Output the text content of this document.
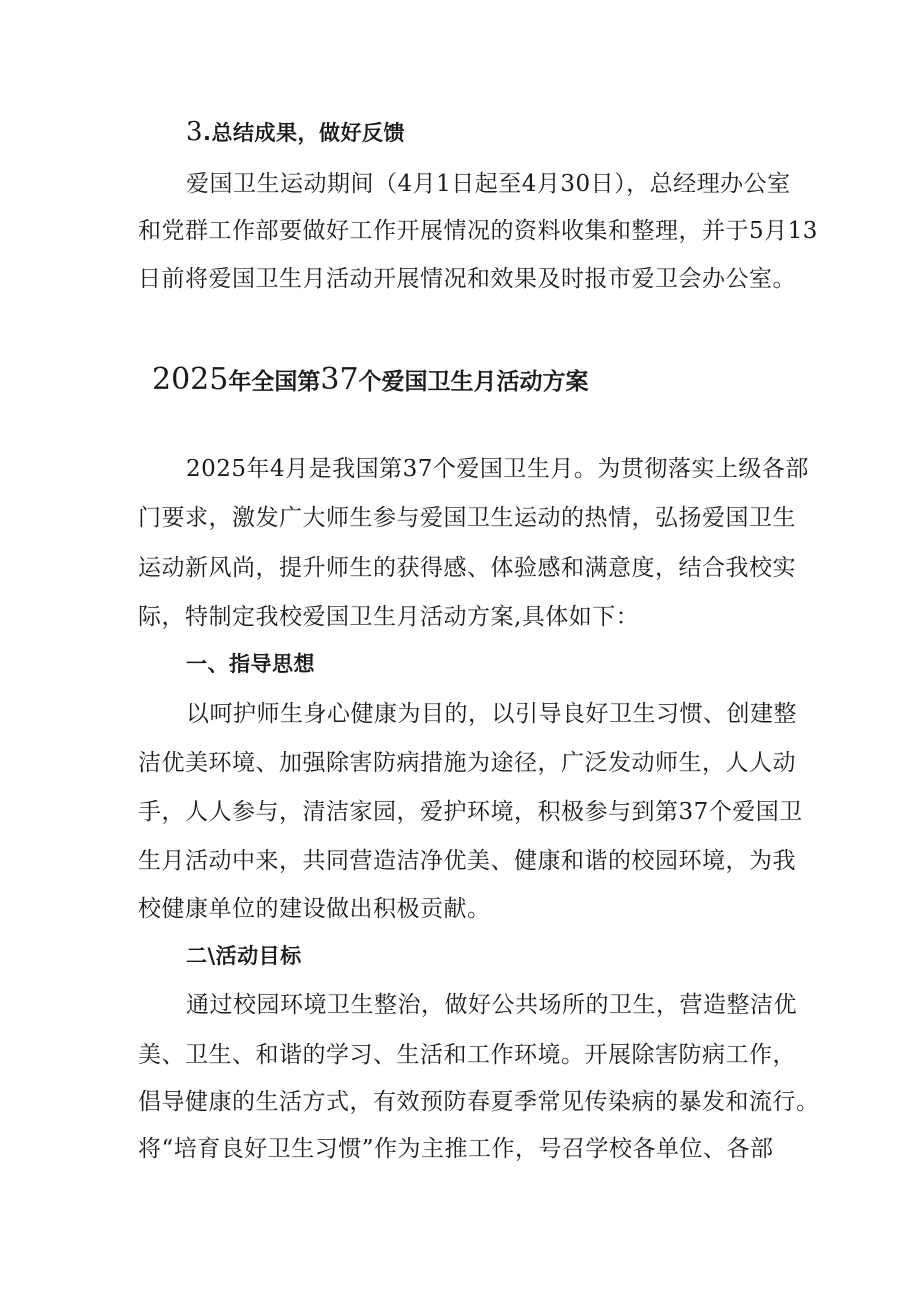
3.总结成果，做好反馈
爱国卫生运动期间（4月1日起至4月30日），总经理办公室
和党群工作部要做好工作开展情况的资料收集和整理，并于5月13
日前将爱国卫生月活动开展情况和效果及时报市爱卫会办公室。
2025年全国第37个爱国卫生月活动方案
2025年4月是我国第37个爱国卫生月。为贯彻落实上级各部
门要求，激发广大师生参与爱国卫生运动的热情，弘扬爱国卫生
运动新风尚，提升师生的获得感、体验感和满意度，结合我校实
际，特制定我校爱国卫生月活动方案,具体如下：
一、指导思想
以呵护师生身心健康为目的，以引导良好卫生习惯、创建整
洁优美环境、加强除害防病措施为途径，广泛发动师生，人人动
手，人人参与，清洁家园，爱护环境，积极参与到第37个爱国卫
生月活动中来，共同营造洁净优美、健康和谐的校园环境，为我
校健康单位的建设做出积极贡献。
二\活动目标
通过校园环境卫生整治，做好公共场所的卫生，营造整洁优
美、卫生、和谐的学习、生活和工作环境。开展除害防病工作，
倡导健康的生活方式，有效预防春夏季常见传染病的暴发和流行。
将“培育良好卫生习惯”作为主推工作，号召学校各单位、各部
